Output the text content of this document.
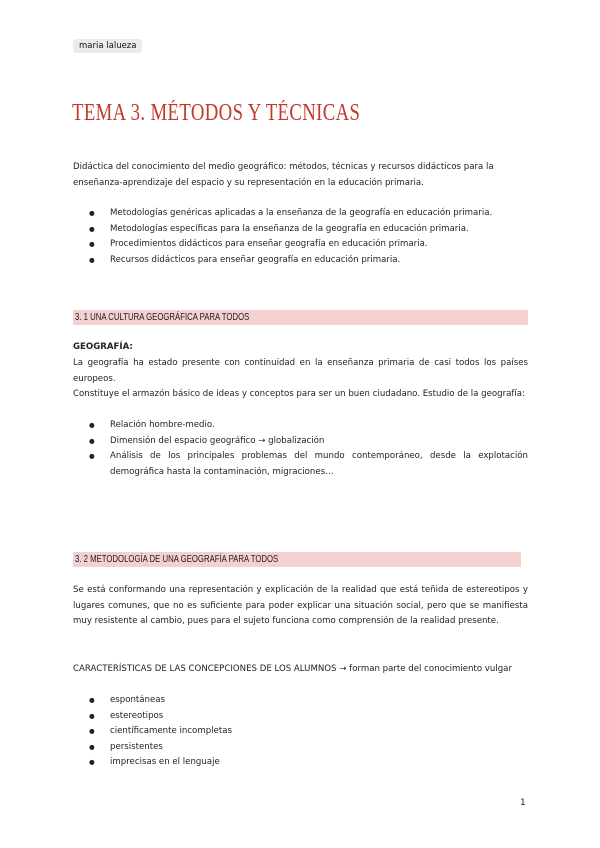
maria lalueza
TEMA 3. MÉTODOS Y TÉCNICAS

Didáctica del conocimiento del medio geográfico: métodos, técnicas y recursos didácticos para la enseñanza-aprendizaje del espacio y su representación en la educación primaria.

● Metodologías genéricas aplicadas a la enseñanza de la geografía en educación primaria.
● Metodologías específicas para la enseñanza de la geografía en educación primaria.
● Procedimientos didácticos para enseñar geografía en educación primaria.
● Recursos didácticos para enseñar geografía en educación primaria.
3. 1 UNA CULTURA GEOGRÁFICA PARA TODOS
GEOGRAFÍA:

La geografía ha estado presente con continuidad en la enseñanza primaria de casi todos los países europeos.

Constituye el armazón básico de ideas y conceptos para ser un buen ciudadano. Estudio de la geografía:

● Relación hombre-medio.
● Dimensión del espacio geográfico → globalización
● Análisis de los principales problemas del mundo contemporáneo, desde la explotación demográfica hasta la contaminación, migraciones…
3. 2 METODOLOGÍA DE UNA GEOGRAFÍA PARA TODOS

Se está conformando una representación y explicación de la realidad que está teñida de estereotipos y lugares comunes, que no es suficiente para poder explicar una situación social, pero que se manifiesta muy resistente al cambio, pues para el sujeto funciona como comprensión de la realidad presente.

CARACTERÍSTICAS DE LAS CONCEPCIONES DE LOS ALUMNOS → forman parte del conocimiento vulgar

● espontáneas
● estereotipos
● científicamente incompletas
● persistentes
● imprecisas en el lenguaje
1
